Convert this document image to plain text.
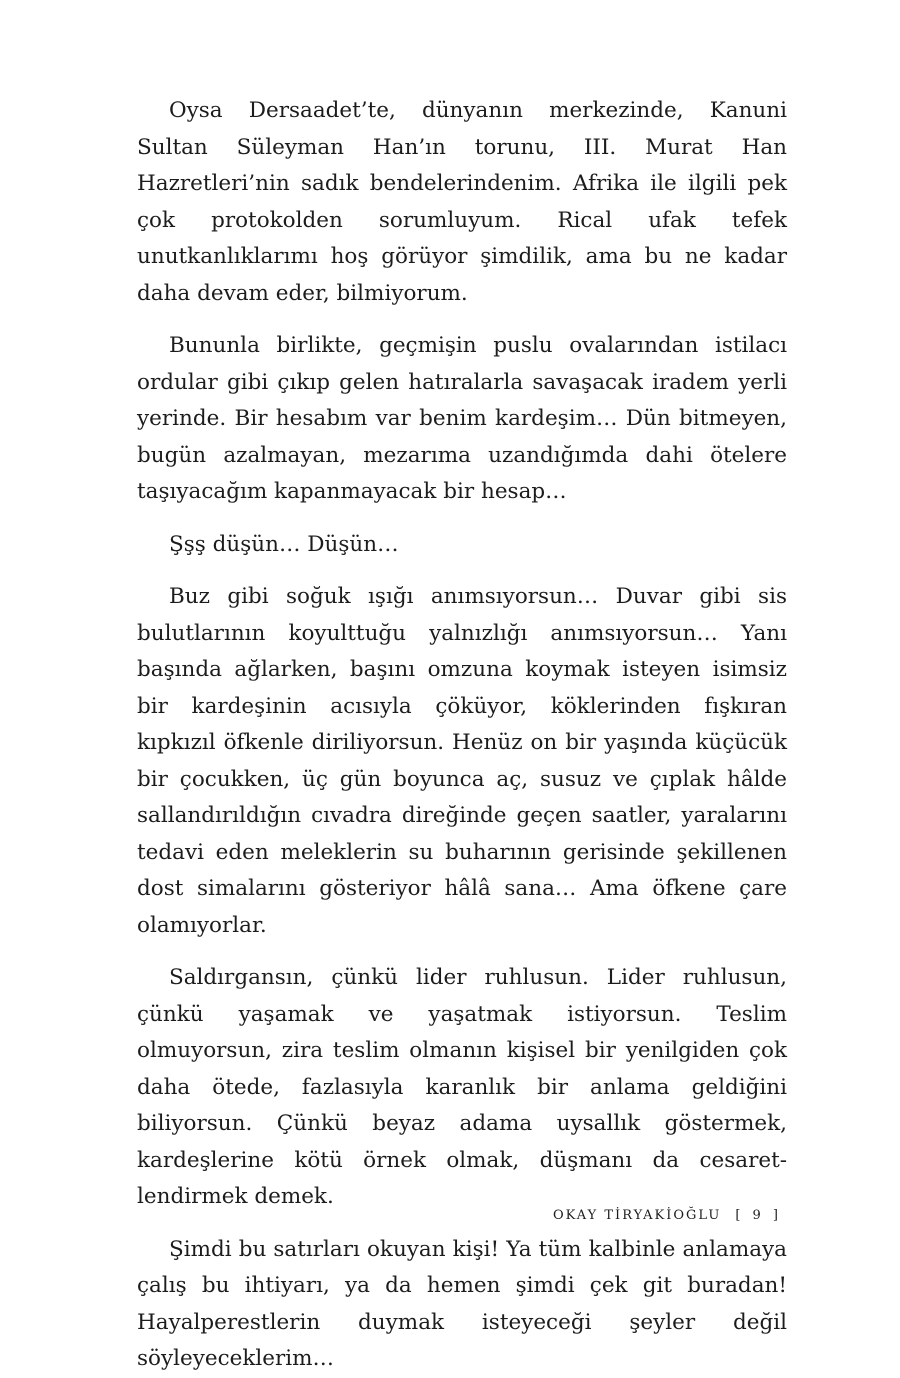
Oysa Dersaadet’te, dünyanın merkezinde, Kanuni Sultan Süleyman Han’ın torunu, III. Murat Han Hazretleri’nin sadık bendelerindenim. Afrika ile ilgili pek çok protokolden sorumluyum. Rical ufak tefek unutkanlıklarımı hoş görüyor şimdilik, ama bu ne kadar daha devam eder, bilmiyorum.

Bununla birlikte, geçmişin puslu ovalarından istilacı ordular gibi çıkıp gelen hatıralarla savaşacak iradem yerli yerinde. Bir hesabım var benim kardeşim… Dün bitmeyen, bugün azalmayan, mezarıma uzandığımda dahi ötelere taşıyacağım kapanmayacak bir hesap…

Şşş düşün… Düşün…

Buz gibi soğuk ışığı anımsıyorsun… Duvar gibi sis bulutlarının koyulttuğu yalnızlığı anımsıyorsun… Yanı başında ağlarken, başını omzuna koymak isteyen isimsiz bir kardeşinin acısıyla çöküyor, köklerinden fışkıran kıpkızıl öfkenle diriliyorsun. Henüz on bir yaşında küçücük bir çocukken, üç gün boyunca aç, susuz ve çıplak hâlde sallandırıldığın cıvadra direğinde geçen saatler, yaralarını tedavi eden meleklerin su buharının gerisinde şekillenen dost simalarını gösteriyor hâlâ sana… Ama öfkene çare olamıyorlar.

Saldırgansın, çünkü lider ruhlusun. Lider ruhlusun, çünkü yaşamak ve yaşatmak istiyorsun. Teslim olmuyorsun, zira teslim olmanın kişisel bir yenilgiden çok daha ötede, fazlasıyla karanlık bir anlama geldiğini biliyorsun. Çünkü beyaz adama uysallık göstermek, kardeşlerine kötü örnek olmak, düşmanı da cesaretlendirmek demek.

Şimdi bu satırları okuyan kişi! Ya tüm kalbinle anlamaya çalış bu ihtiyarı, ya da hemen şimdi çek git buradan! Hayalperestlerin duymak isteyeceği şeyler değil söyleyeceklerim…

OKAY TİRYAKİOĞLU [ 9 ]
